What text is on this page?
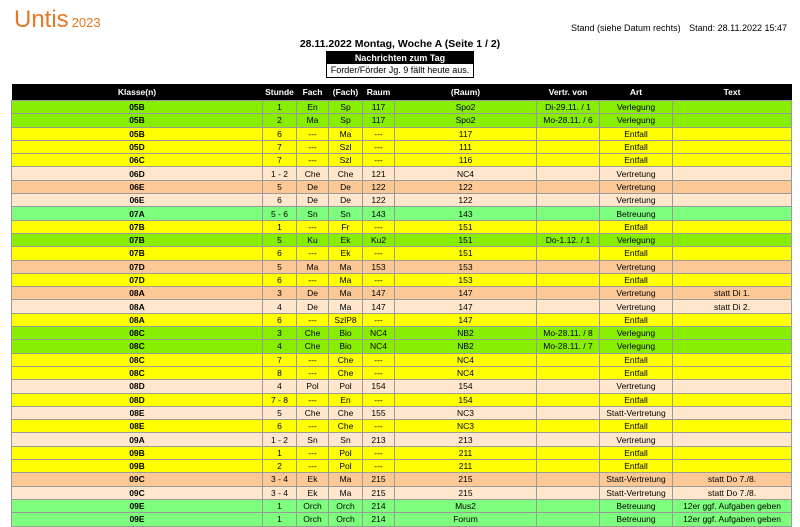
Untis 2023	Stand (siehe Datum rechts) Stand: 28.11.2022 15:47
28.11.2022 Montag, Woche A (Seite 1 / 2)
Nachrichten zum Tag
Forder/Förder Jg. 9 fällt heute aus.
Klasse(n)	Stunde	Fach	(Fach)	Raum	(Raum)	Vertr. von	Art	Text
05B	1	En	Sp	117	Spo2	Di-29.11. / 1	Verlegung	
05B	2	Ma	Sp	117	Spo2	Mo-28.11. / 6	Verlegung	
05B	6	---	Ma	---	117		Entfall	
05D	7	---	Szl	---	111		Entfall	
06C	7	---	Szl	---	116		Entfall	
06D	1 - 2	Che	Che	121	NC4		Vertretung	
06E	5	De	De	122	122		Vertretung	
06E	6	De	De	122	122		Vertretung	
07A	5 - 6	Sn	Sn	143	143		Betreuung	
07B	1	---	Fr	---	151		Entfall	
07B	5	Ku	Ek	Ku2	151	Do-1.12. / 1	Verlegung	
07B	6	---	Ek	---	151		Entfall	
07D	5	Ma	Ma	153	153		Vertretung	
07D	6	---	Ma	---	153		Entfall	
08A	3	De	Ma	147	147		Vertretung	statt Di 1.
08A	4	De	Ma	147	147		Vertretung	statt Di 2.
08A	6	---	SzlP8	---	147		Entfall	
08C	3	Che	Bio	NC4	NB2	Mo-28.11. / 8	Verlegung	
08C	4	Che	Bio	NC4	NB2	Mo-28.11. / 7	Verlegung	
08C	7	---	Che	---	NC4		Entfall	
08C	8	---	Che	---	NC4		Entfall	
08D	4	Pol	Pol	154	154		Vertretung	
08D	7 - 8	---	En	---	154		Entfall	
08E	5	Che	Che	155	NC3		Statt-Vertretung	
08E	6	---	Che	---	NC3		Entfall	
09A	1 - 2	Sn	Sn	213	213		Vertretung	
09B	1	---	Pol	---	211		Entfall	
09B	2	---	Pol	---	211		Entfall	
09C	3 - 4	Ek	Ma	215	215		Statt-Vertretung	statt Do 7./8.
09C	3 - 4	Ek	Ma	215	215		Statt-Vertretung	statt Do 7./8.
09E	1	Orch	Orch	214	Mus2		Betreuung	12er ggf. Aufgaben geben
09E	1	Orch	Orch	214	Forum		Betreuung	12er ggf. Aufgaben geben
